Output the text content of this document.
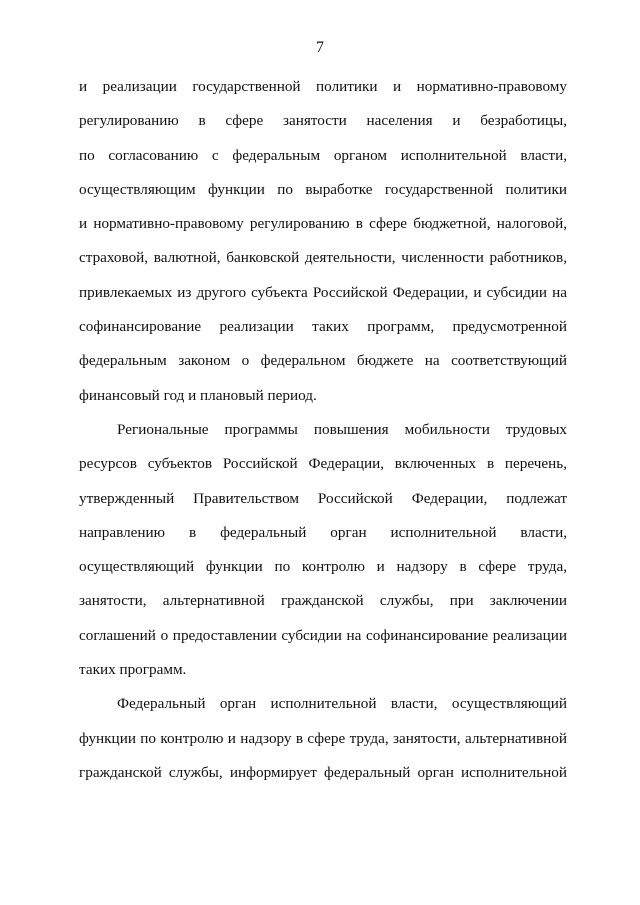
7
и реализации государственной политики и нормативно-правовому
регулированию в сфере занятости населения и безработицы,
по согласованию с федеральным органом исполнительной власти,
осуществляющим функции по выработке государственной политики
и нормативно-правовому регулированию в сфере бюджетной, налоговой,
страховой, валютной, банковской деятельности, численности работников,
привлекаемых из другого субъекта Российской Федерации, и субсидии на
софинансирование реализации таких программ, предусмотренной
федеральным законом о федеральном бюджете на соответствующий
финансовый год и плановый период.
Региональные программы повышения мобильности трудовых
ресурсов субъектов Российской Федерации, включенных в перечень,
утвержденный Правительством Российской Федерации, подлежат
направлению в федеральный орган исполнительной власти,
осуществляющий функции по контролю и надзору в сфере труда,
занятости, альтернативной гражданской службы, при заключении
соглашений о предоставлении субсидии на софинансирование реализации
таких программ.
Федеральный орган исполнительной власти, осуществляющий
функции по контролю и надзору в сфере труда, занятости, альтернативной
гражданской службы, информирует федеральный орган исполнительной
